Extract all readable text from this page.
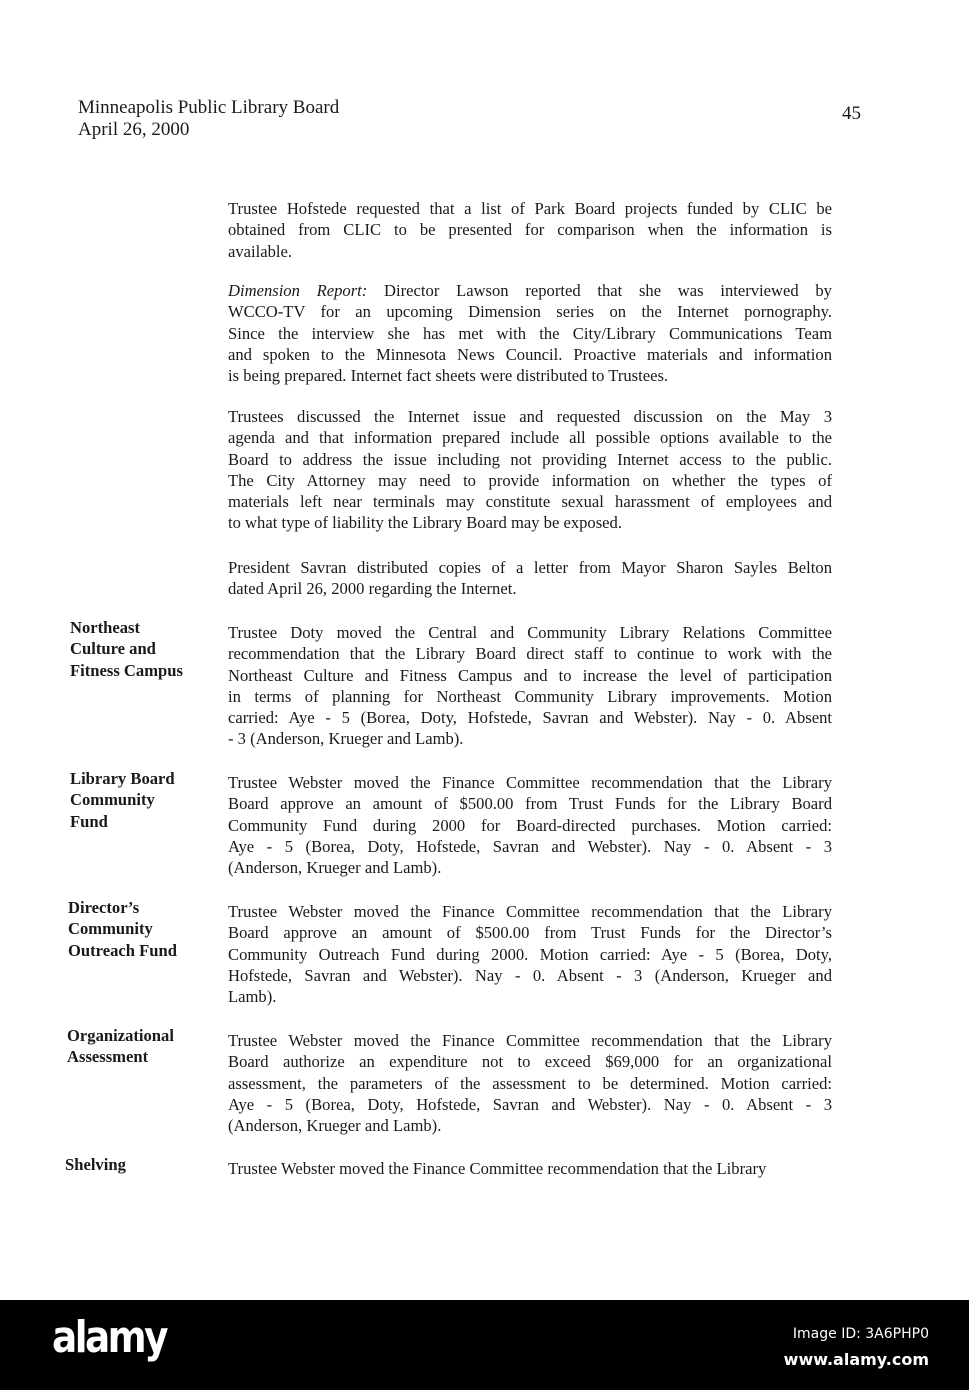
Minneapolis Public Library Board
April 26, 2000
45
Trustee Hofstede requested that a list of Park Board projects funded by CLIC be
obtained from CLIC to be presented for comparison when the information is
available.
Dimension Report: Director Lawson reported that she was interviewed by
WCCO-TV for an upcoming Dimension series on the Internet pornography.
Since the interview she has met with the City/Library Communications Team
and spoken to the Minnesota News Council. Proactive materials and information
is being prepared. Internet fact sheets were distributed to Trustees.
Trustees discussed the Internet issue and requested discussion on the May 3
agenda and that information prepared include all possible options available to the
Board to address the issue including not providing Internet access to the public.
The City Attorney may need to provide information on whether the types of
materials left near terminals may constitute sexual harassment of employees and
to what type of liability the Library Board may be exposed.
President Savran distributed copies of a letter from Mayor Sharon Sayles Belton
dated April 26, 2000 regarding the Internet.
Trustee Doty moved the Central and Community Library Relations Committee
recommendation that the Library Board direct staff to continue to work with the
Northeast Culture and Fitness Campus and to increase the level of participation
in terms of planning for Northeast Community Library improvements. Motion
carried: Aye - 5 (Borea, Doty, Hofstede, Savran and Webster). Nay - 0. Absent
- 3 (Anderson, Krueger and Lamb).
Northeast
Culture and
Fitness Campus
Trustee Webster moved the Finance Committee recommendation that the Library
Board approve an amount of $500.00 from Trust Funds for the Library Board
Community Fund during 2000 for Board-directed purchases. Motion carried:
Aye - 5 (Borea, Doty, Hofstede, Savran and Webster). Nay - 0. Absent - 3
(Anderson, Krueger and Lamb).
Library Board
Community
Fund
Trustee Webster moved the Finance Committee recommendation that the Library
Board approve an amount of $500.00 from Trust Funds for the Director’s
Community Outreach Fund during 2000. Motion carried: Aye - 5 (Borea, Doty,
Hofstede, Savran and Webster). Nay - 0. Absent - 3 (Anderson, Krueger and
Lamb).
Director’s
Community
Outreach Fund
Trustee Webster moved the Finance Committee recommendation that the Library
Board authorize an expenditure not to exceed $69,000 for an organizational
assessment, the parameters of the assessment to be determined. Motion carried:
Aye - 5 (Borea, Doty, Hofstede, Savran and Webster). Nay - 0. Absent - 3
(Anderson, Krueger and Lamb).
Organizational
Assessment
Trustee Webster moved the Finance Committee recommendation that the Library
Shelving
alamy	Image ID: 3A6PHP0
www.alamy.com
